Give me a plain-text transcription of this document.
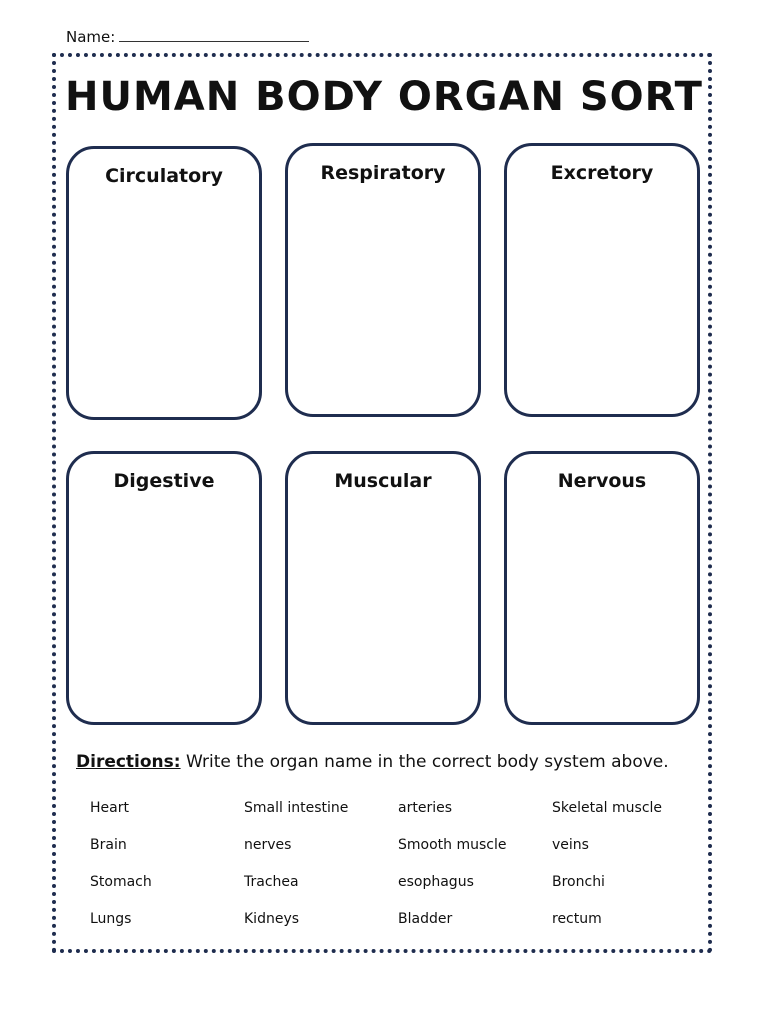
Name:
HUMAN BODY ORGAN SORT
Circulatory	Respiratory	Excretory
Digestive	Muscular	Nervous
Directions: Write the organ name in the correct body system above.
Heart	Small intestine	arteries	Skeletal muscle
Brain	nerves	Smooth muscle	veins
Stomach	Trachea	esophagus	Bronchi
Lungs	Kidneys	Bladder	rectum
